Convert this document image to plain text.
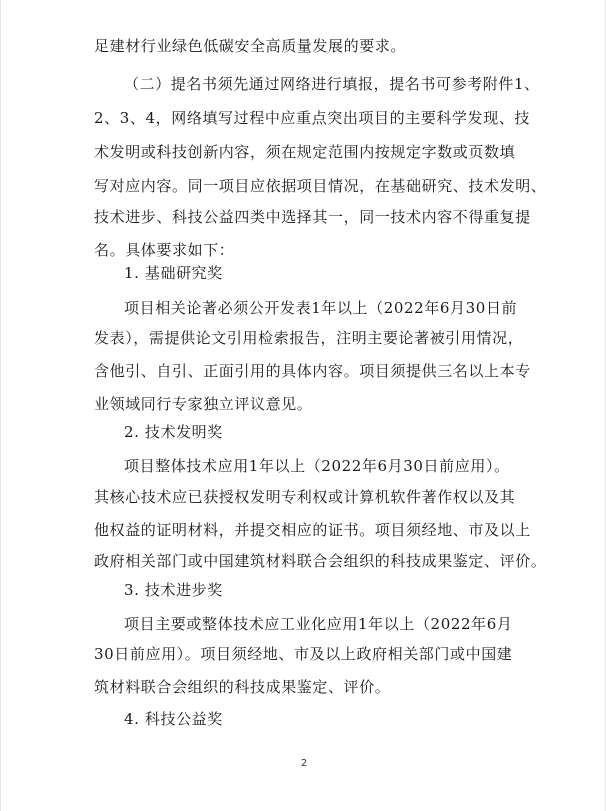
足建材行业绿色低碳安全高质量发展的要求。
（二）提名书须先通过网络进行填报，提名书可参考附件1、
2、3、4，网络填写过程中应重点突出项目的主要科学发现、技
术发明或科技创新内容，须在规定范围内按规定字数或页数填
写对应内容。同一项目应依据项目情况，在基础研究、技术发明、
技术进步、科技公益四类中选择其一，同一技术内容不得重复提
名。具体要求如下：
1. 基础研究奖
项目相关论著必须公开发表1年以上（2022年6月30日前
发表），需提供论文引用检索报告，注明主要论著被引用情况，
含他引、自引、正面引用的具体内容。项目须提供三名以上本专
业领域同行专家独立评议意见。
2. 技术发明奖
项目整体技术应用1年以上（2022年6月30日前应用）。
其核心技术应已获授权发明专利权或计算机软件著作权以及其
他权益的证明材料，并提交相应的证书。项目须经地、市及以上
政府相关部门或中国建筑材料联合会组织的科技成果鉴定、评价。
3. 技术进步奖
项目主要或整体技术应工业化应用1年以上（2022年6月
30日前应用）。项目须经地、市及以上政府相关部门或中国建
筑材料联合会组织的科技成果鉴定、评价。
4. 科技公益奖
2
